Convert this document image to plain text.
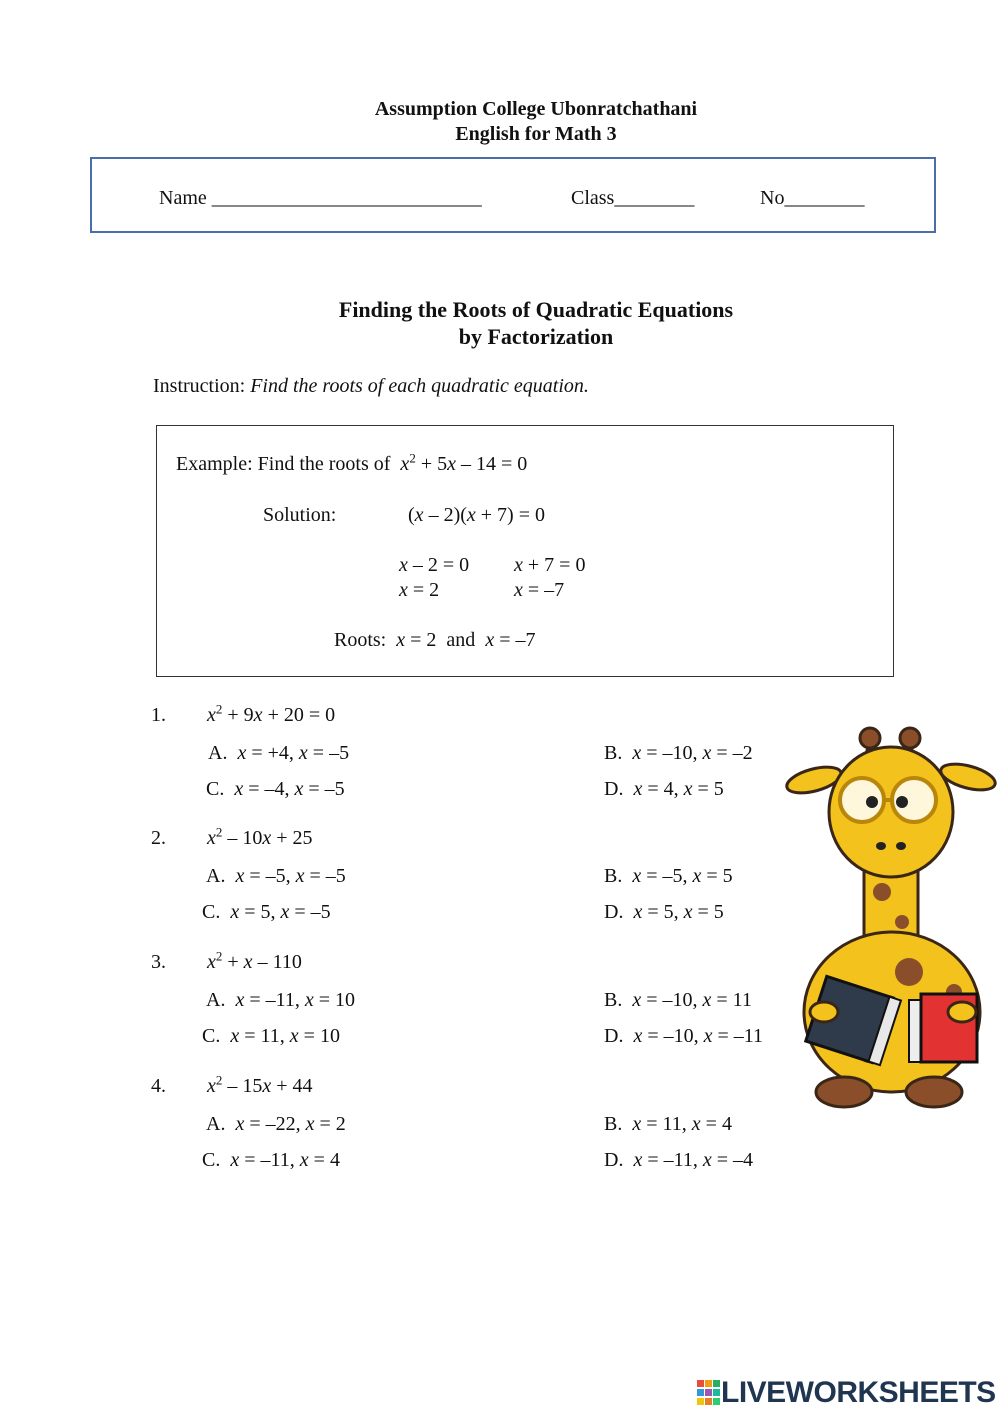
Assumption College Ubonratchathani
English for Math 3
Name ___________________________	Class________	No________
Finding the Roots of Quadratic Equations
by Factorization
Instruction: Find the roots of each quadratic equation.
Example: Find the roots of $x^2 + 5x - 14 = 0$
Solution:	(x – 2)(x + 7) = 0
x – 2 = 0 x + 7 = 0
x = 2	x = –7
Roots: x = 2 and x = –7
1. $x^2 + 9x + 20 = 0$
A. x = +4, x = –5	B. x = –10, x = –2
C. x = –4, x = –5	D. x = 4, x = 5
2. $x^2 - 10x + 25$
A. x = –5, x = –5	B. x = –5, x = 5
C. x = 5, x = –5	D. x = 5, x = 5
3. $x^2 + x - 110$
A. x = –11, x = 10	B. x = –10, x = 11
C. x = 11, x = 10	D. x = –10, x = –11
4. $x^2 - 15x + 44$
A. x = –22, x = 2	B. x = 11, x = 4
C. x = –11, x = 4	D. x = –11, x = –4
LIVEWORKSHEETS
